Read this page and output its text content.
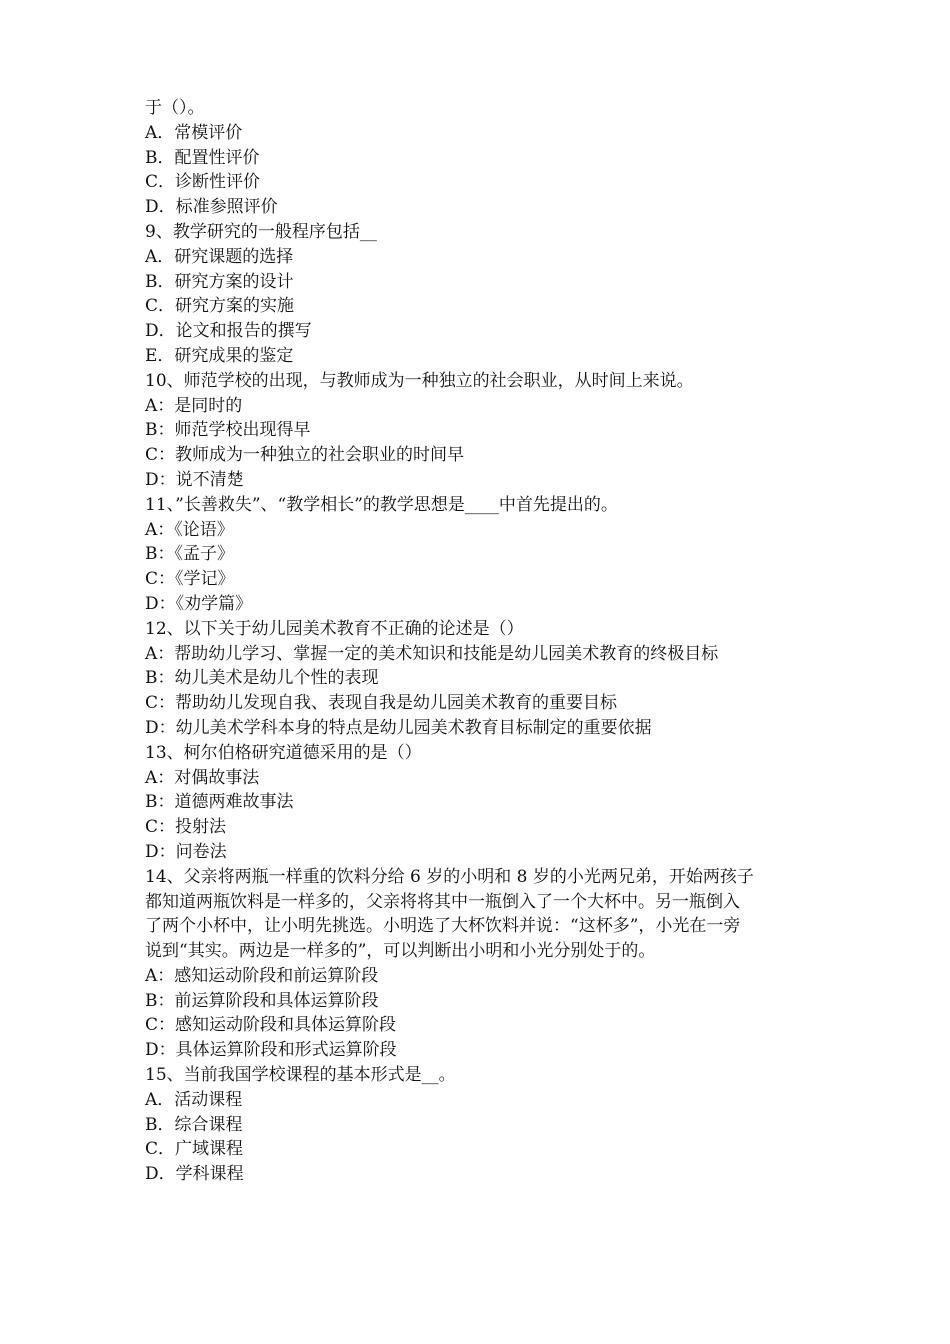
于（）。
A．常模评价
B．配置性评价
C．诊断性评价
D．标准参照评价
9、教学研究的一般程序包括__
A．研究课题的选择
B．研究方案的设计
C．研究方案的实施
D．论文和报告的撰写
E．研究成果的鉴定
10、师范学校的出现，与教师成为一种独立的社会职业，从时间上来说。
A：是同时的
B：师范学校出现得早
C：教师成为一种独立的社会职业的时间早
D：说不清楚
11、”长善救失”、“教学相长”的教学思想是____中首先提出的。
A：《论语》
B：《孟子》
C：《学记》
D：《劝学篇》
12、以下关于幼儿园美术教育不正确的论述是（）
A：帮助幼儿学习、掌握一定的美术知识和技能是幼儿园美术教育的终极目标
B：幼儿美术是幼儿个性的表现
C：帮助幼儿发现自我、表现自我是幼儿园美术教育的重要目标
D：幼儿美术学科本身的特点是幼儿园美术教育目标制定的重要依据
13、柯尔伯格研究道德采用的是（）
A：对偶故事法
B：道德两难故事法
C：投射法
D：问卷法
14、父亲将两瓶一样重的饮料分给 6 岁的小明和 8 岁的小光两兄弟，开始两孩子
都知道两瓶饮料是一样多的，父亲将将其中一瓶倒入了一个大杯中。另一瓶倒入
了两个小杯中，让小明先挑选。小明选了大杯饮料并说：“这杯多”，小光在一旁
说到“其实。两边是一样多的”，可以判断出小明和小光分别处于的。
A：感知运动阶段和前运算阶段
B：前运算阶段和具体运算阶段
C：感知运动阶段和具体运算阶段
D：具体运算阶段和形式运算阶段
15、当前我国学校课程的基本形式是__。
A．活动课程
B．综合课程
C．广域课程
D．学科课程
